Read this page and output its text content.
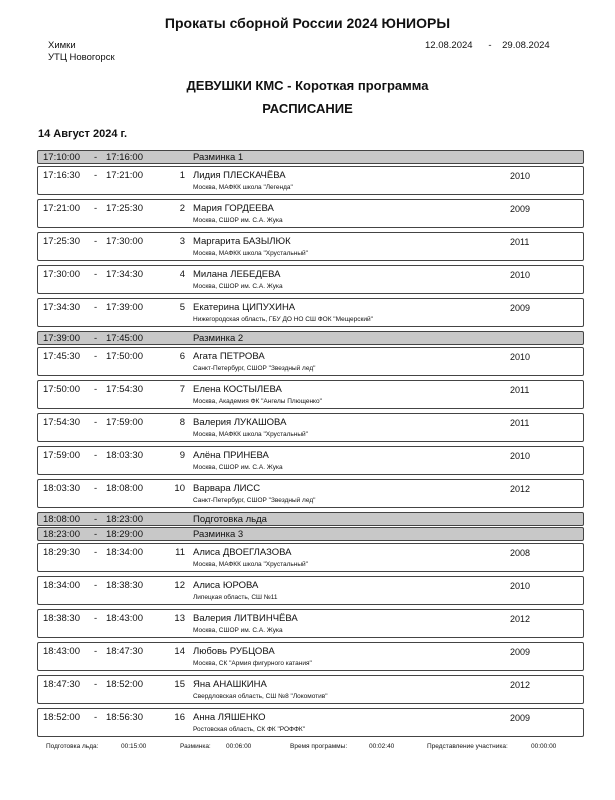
Прокаты сборной России 2024 ЮНИОРЫ
Химки
УТЦ Новогорск
12.08.2024 - 29.08.2024
ДЕВУШКИ КМС - Короткая программа
РАСПИСАНИЕ
14 Август 2024 г.
17:10:00 - 17:16:00	Разминка 1
17:16:30 - 17:21:00	1 Лидия ПЛЕСКАЧЁВА
Москва, МАФКК школа "Легенда"
2010
17:21:00 - 17:25:30	2 Мария ГОРДЕЕВА
Москва, СШОР им. С.А. Жука
2009
17:25:30 - 17:30:00	3 Маргарита БАЗЫЛЮК
Москва, МАФКК школа "Хрустальный"
2011
17:30:00 - 17:34:30	4 Милана ЛЕБЕДЕВА
Москва, СШОР им. С.А. Жука
2010
17:34:30 - 17:39:00	5 Екатерина ЦИПУХИНА
Нижегородская область, ГБУ ДО НО СШ ФОК "Мещерский"
2009
17:39:00 - 17:45:00	Разминка 2
17:45:30 - 17:50:00	6 Агата ПЕТРОВА
Санкт-Петербург, СШОР "Звездный лед"
2010
17:50:00 - 17:54:30	7 Елена КОСТЫЛЕВА
Москва, Академия ФК "Ангелы Плющенко"
2011
17:54:30 - 17:59:00	8 Валерия ЛУКАШОВА
Москва, МАФКК школа "Хрустальный"
2011
17:59:00 - 18:03:30	9 Алёна ПРИНЕВА
Москва, СШОР им. С.А. Жука
2010
18:03:30 - 18:08:00	10 Варвара ЛИСС
Санкт-Петербург, СШОР "Звездный лед"
2012
18:08:00 - 18:23:00	Подготовка льда
18:23:00 - 18:29:00	Разминка 3
18:29:30 - 18:34:00	11 Алиса ДВОЕГЛАЗОВА
Москва, МАФКК школа "Хрустальный"
2008
18:34:00 - 18:38:30	12 Алиса ЮРОВА
Липецкая область, СШ №11
2010
18:38:30 - 18:43:00	13 Валерия ЛИТВИНЧЁВА
Москва, СШОР им. С.А. Жука
2012
18:43:00 - 18:47:30	14 Любовь РУБЦОВА
Москва, СК "Армия фигурного катания"
2009
18:47:30 - 18:52:00	15 Яна АНАШКИНА
Свердловская область, СШ №8 "Локомотив"
2012
18:52:00 - 18:56:30	16 Анна ЛЯШЕНКО
Ростовская область, СК ФК "РОФФК"
2009
Подготовка льда:	00:15:00	Разминка: 00:06:00	Время программы:	00:02:40	Представление участника:	00:00:00
